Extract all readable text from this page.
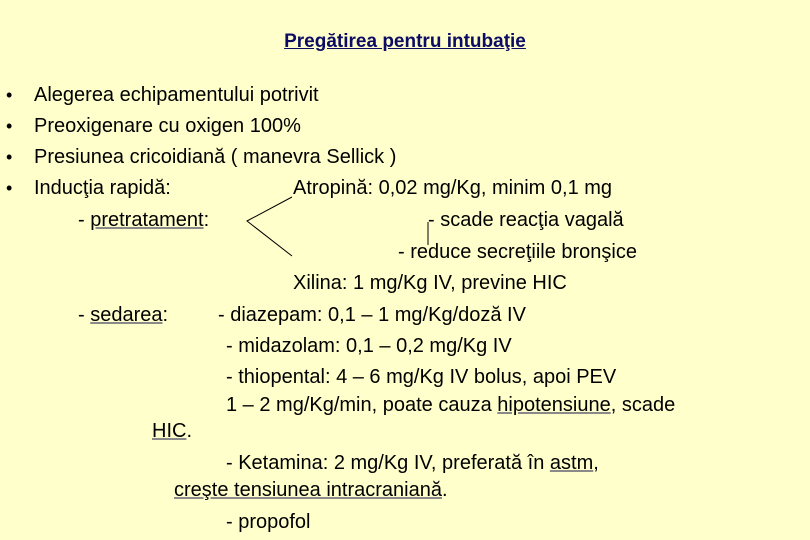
Pregătirea pentru intubaţie
• Alegerea echipamentului potrivit
• Preoxigenare cu oxigen 100%
• Presiunea cricoidiană ( manevra Sellick )
• Inducţia rapidă:	Atropină: 0,02 mg/Kg, minim 0,1 mg
- pretratament:	- scade reacţia vagală
- reduce secreţiile bronşice
Xilina: 1 mg/Kg IV, previne HIC
- sedarea: - diazepam: 0,1 – 1 mg/Kg/doză IV
- midazolam: 0,1 – 0,2 mg/Kg IV
- thiopental: 4 – 6 mg/Kg IV bolus, apoi PEV
1 – 2 mg/Kg/min, poate cauza hipotensiune, scade
HIC.
- Ketamina: 2 mg/Kg IV, preferată în astm,
creşte tensiunea intracraniană.
- propofol
